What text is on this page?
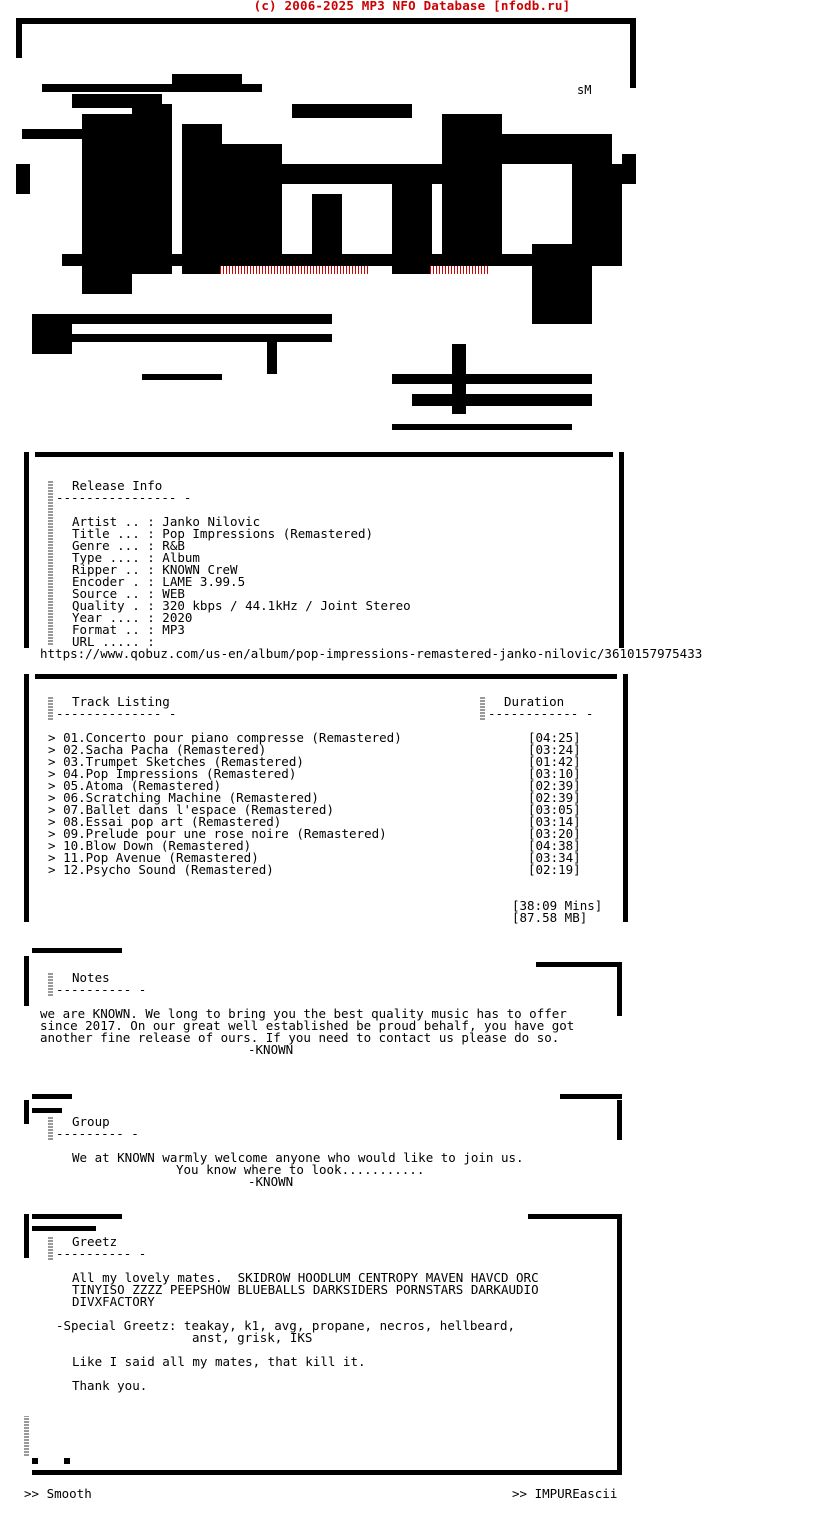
(c) 2006-2025 MP3 NFO Database [nfodb.ru]
sM
Release Info
---------------- -
Artist .. : Janko Nilovic
Title ... : Pop Impressions (Remastered)
Genre ... : R&B
Type .... : Album
Ripper .. : KNOWN CreW
Encoder . : LAME 3.99.5
Source .. : WEB
Quality . : 320 kbps / 44.1kHz / Joint Stereo
Year .... : 2020
Format .. : MP3
URL ..... :
https://www.qobuz.com/us-en/album/pop-impressions-remastered-janko-nilovic/3610157975433
Track Listing
-------------- -
Duration
------------ -
> 01.Concerto pour piano compresse (Remastered)
> 02.Sacha Pacha (Remastered)
> 03.Trumpet Sketches (Remastered)
> 04.Pop Impressions (Remastered)
> 05.Atoma (Remastered)
> 06.Scratching Machine (Remastered)
> 07.Ballet dans l'espace (Remastered)
> 08.Essai pop art (Remastered)
> 09.Prelude pour une rose noire (Remastered)
> 10.Blow Down (Remastered)
> 11.Pop Avenue (Remastered)
> 12.Psycho Sound (Remastered)
[04:25]
[03:24]
[01:42]
[03:10]
[02:39]
[02:39]
[03:05]
[03:14]
[03:20]
[04:38]
[03:34]
[02:19]
[38:09 Mins]
[87.58 MB]
Notes
---------- -
we are KNOWN. We long to bring you the best quality music has to offer
since 2017. On our great well established be proud behalf, you have got
another fine release of ours. If you need to contact us please do so.
-KNOWN
Group
--------- -
We at KNOWN warmly welcome anyone who would like to join us.
You know where to look...........
-KNOWN
Greetz
---------- -
All my lovely mates.  SKIDROW HOODLUM CENTROPY MAVEN HAVCD ORC
TINYISO ZZZZ PEEPSHOW BLUEBALLS DARKSIDERS PORNSTARS DARKAUDIO
DIVXFACTORY
-Special Greetz: teakay, k1, avg, propane, necros, hellbeard,
anst, grisk, IKS
Like I said all my mates, that kill it.
Thank you.
>> Smooth	>> IMPUREascii
